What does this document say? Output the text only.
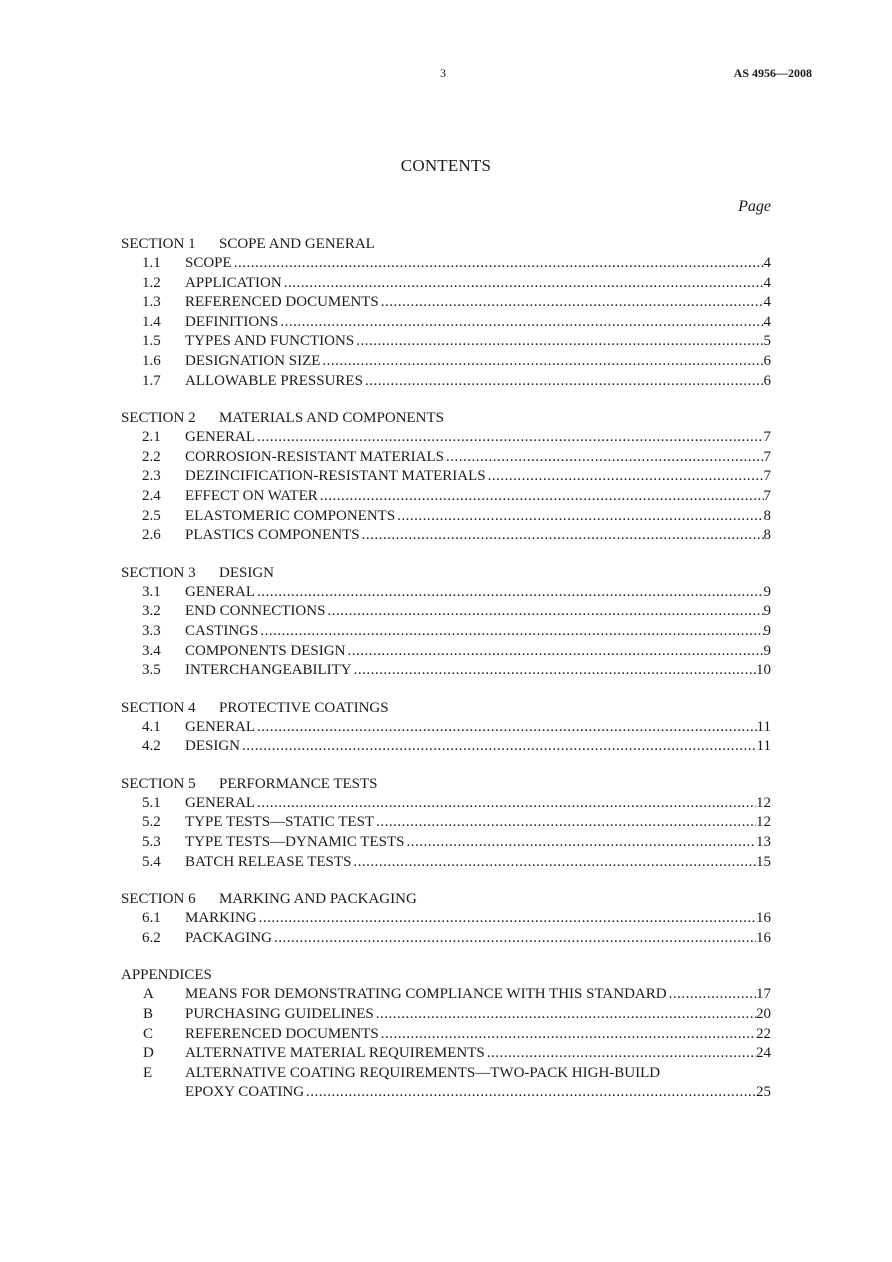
3	AS 4956—2008
CONTENTS
Page
SECTION 1 SCOPE AND GENERAL
1.1	SCOPE .....	4
1.2	APPLICATION .....	4
1.3	REFERENCED DOCUMENTS .....	4
1.4	DEFINITIONS .....	4
1.5	TYPES AND FUNCTIONS .....	5
1.6	DESIGNATION SIZE .....	6
1.7	ALLOWABLE PRESSURES .....	6
SECTION 2 MATERIALS AND COMPONENTS
2.1	GENERAL .....	7
2.2	CORROSION-RESISTANT MATERIALS .....	7
2.3	DEZINCIFICATION-RESISTANT MATERIALS .....	7
2.4	EFFECT ON WATER .....	7
2.5	ELASTOMERIC COMPONENTS .....	8
2.6	PLASTICS COMPONENTS .....	8
SECTION 3 DESIGN
3.1	GENERAL .....	9
3.2	END CONNECTIONS .....	9
3.3	CASTINGS .....	9
3.4	COMPONENTS DESIGN .....	9
3.5	INTERCHANGEABILITY .....	10
SECTION 4 PROTECTIVE COATINGS
4.1	GENERAL .....	11
4.2	DESIGN .....	11
SECTION 5 PERFORMANCE TESTS
5.1	GENERAL .....	12
5.2	TYPE TESTS—STATIC TEST .....	12
5.3	TYPE TESTS—DYNAMIC TESTS .....	13
5.4	BATCH RELEASE TESTS .....	15
SECTION 6 MARKING AND PACKAGING
6.1	MARKING .....	16
6.2	PACKAGING .....	16
APPENDICES
A	MEANS FOR DEMONSTRATING COMPLIANCE WITH THIS STANDARD .....	17
B	PURCHASING GUIDELINES .....	20
C	REFERENCED DOCUMENTS .....	22
D	ALTERNATIVE MATERIAL REQUIREMENTS .....	24
E	ALTERNATIVE COATING REQUIREMENTS—TWO-PACK HIGH-BUILD
EPOXY COATING .....	25
